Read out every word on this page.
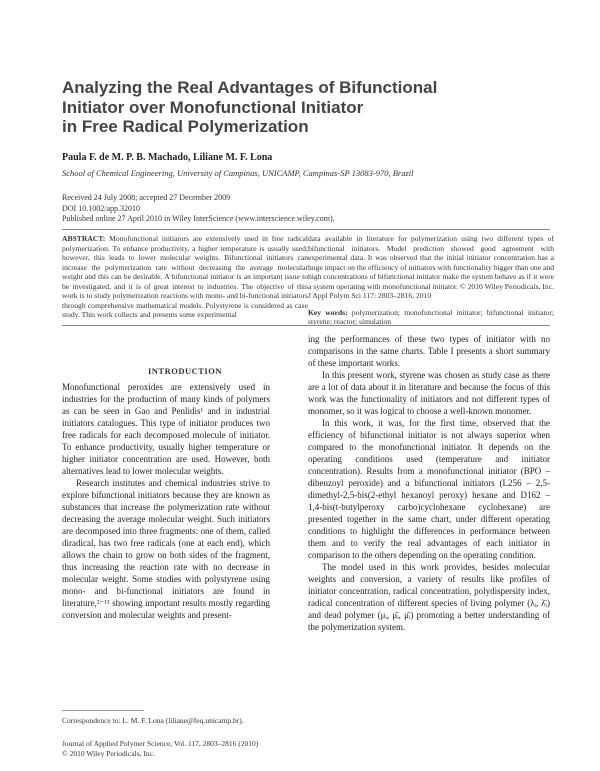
Analyzing the Real Advantages of Bifunctional
Initiator over Monofunctional Initiator
in Free Radical Polymerization
Paula F. de M. P. B. Machado, Liliane M. F. Lona
School of Chemical Engineering, University of Campinas, UNICAMP, Campinas-SP 13083-970, Brazil
Received 24 July 2008; accepted 27 December 2009
DOI 10.1002/app.32010
Published online 27 April 2010 in Wiley InterScience (www.interscience.wiley.com).
ABSTRACT: Monofunctional initiators are extensively used in free radical polymerization. To enhance productivity, a higher temperature is usually used; however, this leads to lower molecular weights. Bifunctional initiators can increase the polymerization rate without decreasing the average molecular weight and this can be desirable. A bifunctional initiator is an important issue to be investigated, and it is of great interest to industries. The objective of this work is to study polymerization reactions with mono- and bi-functional initiators through comprehensive mathematical models. Polystyrene is considered as case study. This work collects and presents some experimental
data available in literature for polymerization using two different types of bifunctional initiators. Model prediction showed good agreement with experimental data. It was observed that the initial initiator concentration has a huge impact on the efficiency of initiators with functionality bigger than one and high concentrations of bifunctional initiator make the system behave as if it were a system operating with monofunctional initiator. © 2010 Wiley Periodicals, Inc. J Appl Polym Sci 117: 2803–2816, 2010
Key words: polymerization; monofunctional initiator; bifunctional initiator; styrene; reactor; simulation
INTRODUCTION

Monofunctional peroxides are extensively used in industries for the production of many kinds of polymers as can be seen in Gao and Penlidis¹ and in industrial initiators catalogues. This type of initiator produces two free radicals for each decomposed molecule of initiator. To enhance productivity, usually higher temperature or higher initiator concentration are used. However, both alternatives lead to lower molecular weights.

Research institutes and chemical industries strive to explore bifunctional initiators because they are known as substances that increase the polymerization rate without decreasing the average molecular weight. Such initiators are decomposed into three fragments: one of them, called diradical, has two free radicals (one at each end), which allows the chain to grow on both sides of the fragment, thus increasing the reaction rate with no decrease in molecular weight. Some studies with polystyrene using mono- and bi-functional initiators are found in literature,²⁻¹³ showing important results mostly regarding conversion and molecular weights and present-

ing the performances of these two types of initiator with no comparisons in the same charts. Table I presents a short summary of these important works.

In this present work, styrene was chosen as study case as there are a lot of data about it in literature and because the focus of this work was the functionality of initiators and not different types of monomer, so it was logical to choose a well-known monomer.

In this work, it was, for the first time, observed that the efficiency of bifunctional initiator is not always superior when compared to the monofunctional initiator. It depends on the operating conditions used (temperature and initiator concentration). Results from a monofunctional initiator (BPO – dibenzoyl peroxide) and a bifunctional initiators (L256 – 2,5-dimethyl-2,5-bis(2-ethyl hexanoyl peroxy) hexane and D162 – 1,4-bis(t-butylperoxy carbo)cyclohexane cyclohexane) are presented together in the same chart, under different operating conditions to highlight the differences in performance between them and to verify the real advantages of each initiator in comparison to the others depending on the operating condition.

The model used in this work provides, besides molecular weights and conversion, a variety of results like profiles of initiator concentration, radical concentration, polydispersity index, radical concentration of different species of living polymer (λᵢ, λ̄ᵢ) and dead polymer (μᵢ, μ̄ᵢ, μ̄ᵢ) promoting a better understanding of the polymerization system.

Correspondence to: L. M. F. Lona (liliane@feq.unicamp.br).
Journal of Applied Polymer Science, Vol. 117, 2803–2816 (2010)
© 2010 Wiley Periodicals, Inc.
